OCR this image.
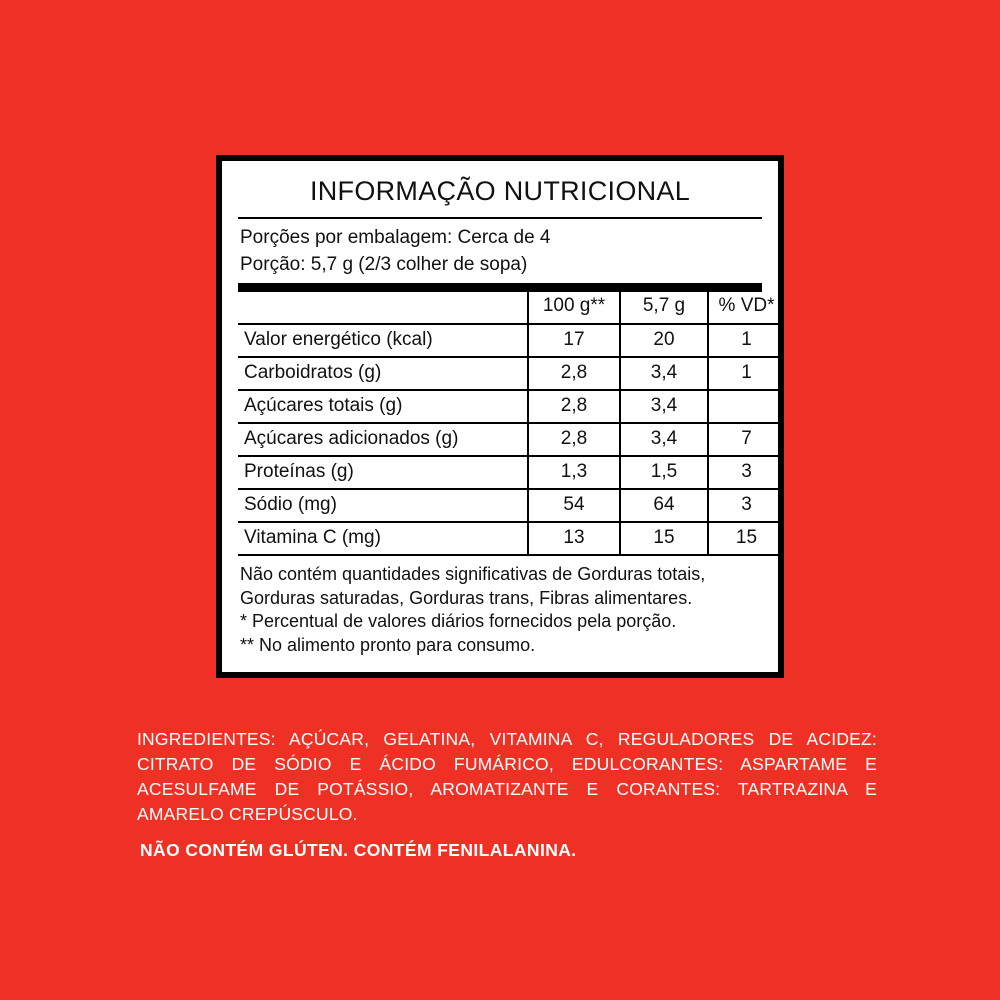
INFORMAÇÃO NUTRICIONAL
Porções por embalagem: Cerca de 4
Porção: 5,7 g (2/3 colher de sopa)
	100 g**	5,7 g	% VD*
Valor energético (kcal)	17	20	1
Carboidratos (g)	2,8	3,4	1
Açúcares totais (g)	2,8	3,4	
Açúcares adicionados (g)	2,8	3,4	7
Proteínas (g)	1,3	1,5	3
Sódio (mg)	54	64	3
Vitamina C (mg)	13	15	15
Não contém quantidades significativas de Gorduras totais,
Gorduras saturadas, Gorduras trans, Fibras alimentares.
* Percentual de valores diários fornecidos pela porção.
** No alimento pronto para consumo.
INGREDIENTES: AÇÚCAR, GELATINA, VITAMINA C, REGULADORES DE ACIDEZ: CITRATO DE SÓDIO E ÁCIDO FUMÁRICO, EDULCORANTES: ASPARTAME E ACESULFAME DE POTÁSSIO, AROMATIZANTE E CORANTES: TARTRAZINA E AMARELO CREPÚSCULO.
NÃO CONTÉM GLÚTEN. CONTÉM FENILALANINA.
